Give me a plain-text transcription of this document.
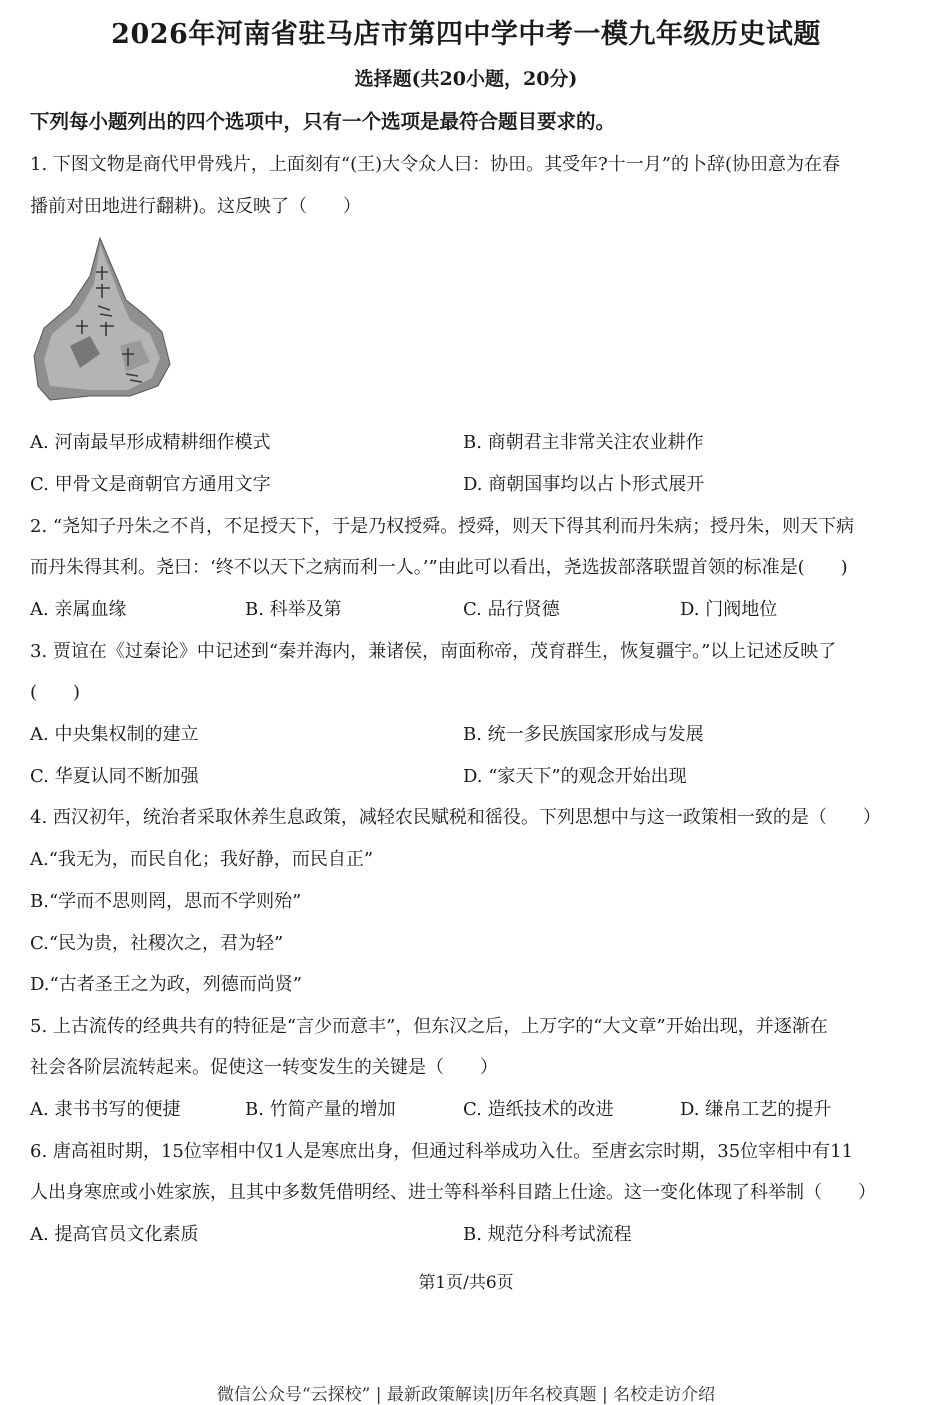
2026年河南省驻马店市第四中学中考一模九年级历史试题
选择题(共20小题，20分)
下列每小题列出的四个选项中，只有一个选项是最符合题目要求的。
1. 下图文物是商代甲骨残片，上面刻有“(王)大令众人曰：协田。其受年?十一月”的卜辞(协田意为在春
播前对田地进行翻耕)。这反映了（　　）
A. 河南最早形成精耕细作模式	B. 商朝君主非常关注农业耕作
C. 甲骨文是商朝官方通用文字	D. 商朝国事均以占卜形式展开
2. “尧知子丹朱之不肖，不足授天下，于是乃权授舜。授舜，则天下得其利而丹朱病；授丹朱，则天下病
而丹朱得其利。尧曰：‘终不以天下之病而利一人。’”由此可以看出，尧选拔部落联盟首领的标准是(　　)
A. 亲属血缘	B. 科举及第	C. 品行贤德	D. 门阀地位
3. 贾谊在《过秦论》中记述到“秦并海内，兼诸侯，南面称帝，茂育群生，恢复疆宇。”以上记述反映了
(　　)
A. 中央集权制的建立	B. 统一多民族国家形成与发展
C. 华夏认同不断加强	D. “家天下”的观念开始出现
4. 西汉初年，统治者采取休养生息政策，减轻农民赋税和徭役。下列思想中与这一政策相一致的是（　　）
A.“我无为，而民自化；我好静，而民自正”
B.“学而不思则罔，思而不学则殆”
C.“民为贵，社稷次之，君为轻”
D.“古者圣王之为政，列德而尚贤”
5. 上古流传的经典共有的特征是“言少而意丰”，但东汉之后，上万字的“大文章”开始出现，并逐渐在
社会各阶层流转起来。促使这一转变发生的关键是（　　）
A. 隶书书写的便捷	B. 竹简产量的增加	C. 造纸技术的改进	D. 缣帛工艺的提升
6. 唐高祖时期，15位宰相中仅1人是寒庶出身，但通过科举成功入仕。至唐玄宗时期，35位宰相中有11
人出身寒庶或小姓家族，且其中多数凭借明经、进士等科举科目踏上仕途。这一变化体现了科举制（　　）
A. 提高官员文化素质	B. 规范分科考试流程
第1页/共6页
微信公众号“云探校” | 最新政策解读|历年名校真题 | 名校走访介绍
